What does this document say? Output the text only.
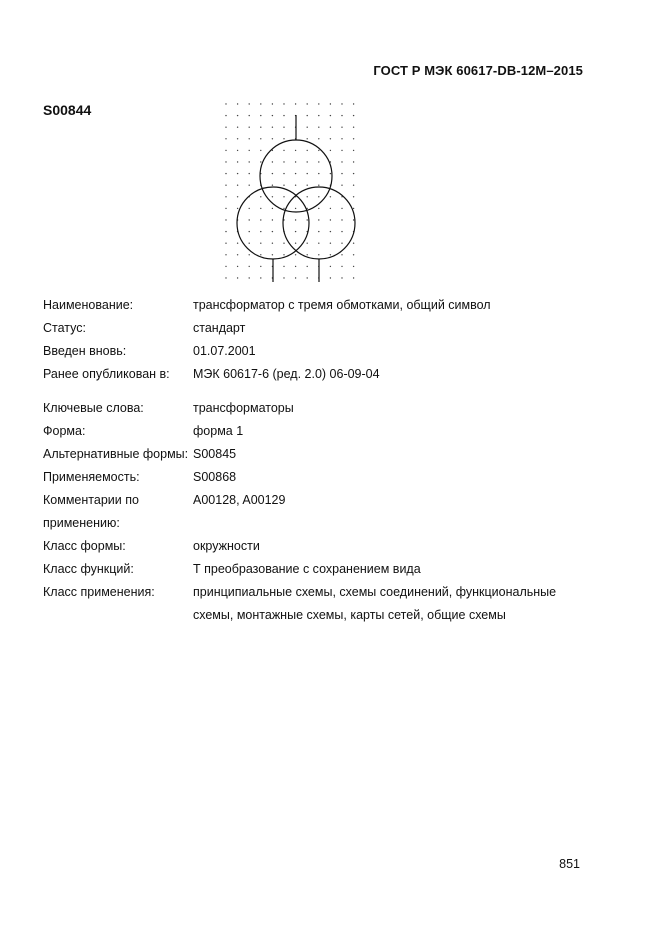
ГОСТ Р МЭК 60617-DB-12M–2015
S00844
Наименование:	трансформатор с тремя обмотками, общий символ
Статус:	стандарт
Введен вновь:	01.07.2001
Ранее опубликован в:	МЭК 60617-6 (ред. 2.0) 06-09-04
Ключевые слова:	трансформаторы
Форма:	форма 1
Альтернативные формы: S00845
Применяемость:	S00868
Комментарии по применению:
A00128, A00129
Класс формы:	окружности
Класс функций:	Т преобразование с сохранением вида
Класс применения:	принципиальные схемы, схемы соединений, функциональные схемы, монтажные схемы, карты сетей, общие схемы
851
